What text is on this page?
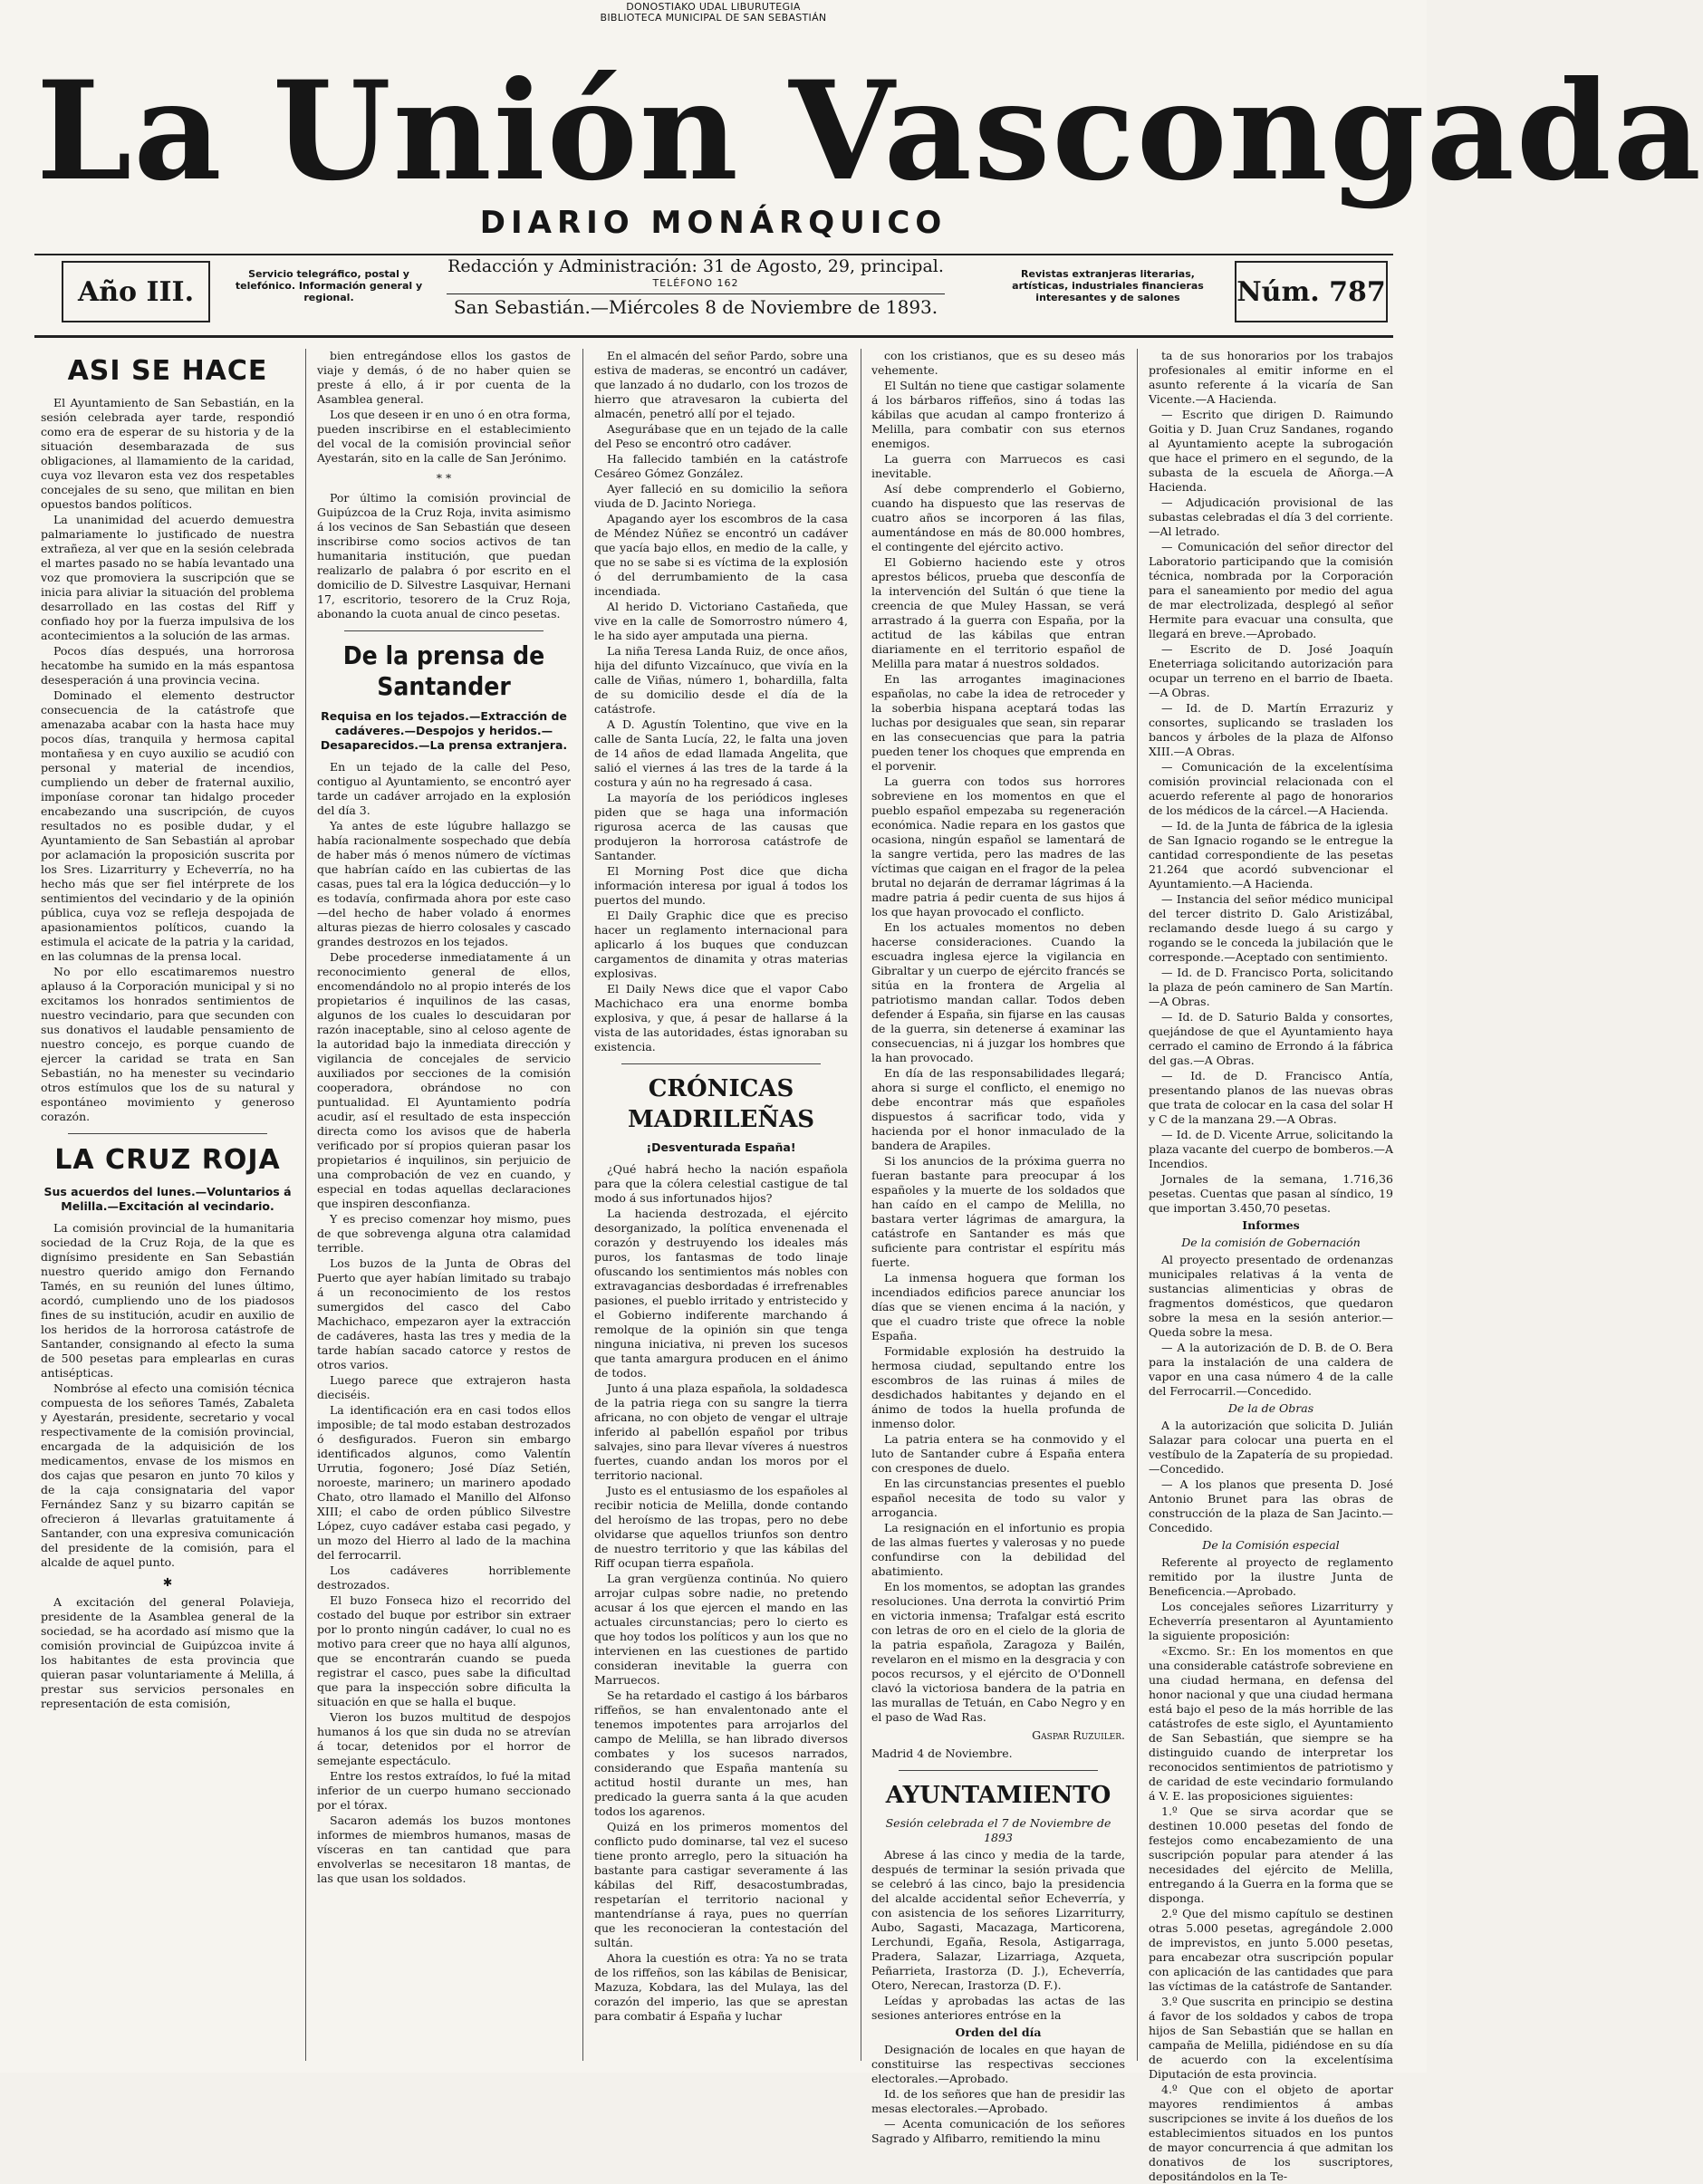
DONOSTIAKO UDAL LIBURUTEGIA
BIBLIOTECA MUNICIPAL DE SAN SEBASTIÁN
La Unión Vascongada
DIARIO MONÁRQUICO
Año III.
Servicio telegráfico, postal y telefónico. Información general y regional.
Redacción y Administración: 31 de Agosto, 29, principal.
TELÉFONO 162
San Sebastián.—Miércoles 8 de Noviembre de 1893.
Revistas extranjeras literarias, artísticas, industriales financieras interesantes y de salones	Núm. 787
ASI SE HACE

El Ayuntamiento de San Sebastián, en la sesión celebrada ayer tarde, respondió como era de esperar de su historia y de la situación desembarazada de sus obligaciones, al llamamiento de la caridad, cuya voz llevaron esta vez dos respetables concejales de su seno, que militan en bien opuestos bandos políticos.

La unanimidad del acuerdo demuestra palmariamente lo justificado de nuestra extrañeza, al ver que en la sesión celebrada el martes pasado no se había levantado una voz que promoviera la suscripción que se inicia para aliviar la situación del problema desarrollado en las costas del Riff y confiado hoy por la fuerza impulsiva de los acontecimientos a la solución de las armas.

Pocos días después, una horrorosa hecatombe ha sumido en la más espantosa desesperación á una provincia vecina.

Dominado el elemento destructor consecuencia de la catástrofe que amenazaba acabar con la hasta hace muy pocos días, tranquila y hermosa capital montañesa y en cuyo auxilio se acudió con personal y material de incendios, cumpliendo un deber de fraternal auxilio, imponíase coronar tan hidalgo proceder encabezando una suscripción, de cuyos resultados no es posible dudar, y el Ayuntamiento de San Sebastián al aprobar por aclamación la proposición suscrita por los Sres. Lizarriturry y Echeverría, no ha hecho más que ser fiel intérprete de los sentimientos del vecindario y de la opinión pública, cuya voz se refleja despojada de apasionamientos políticos, cuando la estimula el acicate de la patria y la caridad, en las columnas de la prensa local.

No por ello escatimaremos nuestro aplauso á la Corporación municipal y si no excitamos los honrados sentimientos de nuestro vecindario, para que secunden con sus donativos el laudable pensamiento de nuestro concejo, es porque cuando de ejercer la caridad se trata en San Sebastián, no ha menester su vecindario otros estímulos que los de su natural y espontáneo movimiento y generoso corazón.

LA CRUZ ROJA
Sus acuerdos del lunes.—Voluntarios á Melilla.—Excitación al vecindario.

La comisión provincial de la humanitaria sociedad de la Cruz Roja, de la que es dignísimo presidente en San Sebastián nuestro querido amigo don Fernando Tamés, en su reunión del lunes último, acordó, cumpliendo uno de los piadosos fines de su institución, acudir en auxilio de los heridos de la horrorosa catástrofe de Santander, consignando al efecto la suma de 500 pesetas para emplearlas en curas antisépticas.

Nombróse al efecto una comisión técnica compuesta de los señores Tamés, Zabaleta y Ayestarán, presidente, secretario y vocal respectivamente de la comisión provincial, encargada de la adquisición de los medicamentos, envase de los mismos en dos cajas que pesaron en junto 70 kilos y de la caja consignataria del vapor Fernández Sanz y su bizarro capitán se ofrecieron á llevarlas gratuitamente á Santander, con una expresiva comunicación del presidente de la comisión, para el alcalde de aquel punto.

✱

A excitación del general Polavieja, presidente de la Asamblea general de la sociedad, se ha acordado así mismo que la comisión provincial de Guipúzcoa invite á los habitantes de esta provincia que quieran pasar voluntariamente á Melilla, á prestar sus servicios personales en representación de esta comisión,

bien entregándose ellos los gastos de viaje y demás, ó de no haber quien se preste á ello, á ir por cuenta de la Asamblea general.

Los que deseen ir en uno ó en otra forma, pueden inscribirse en el establecimiento del vocal de la comisión provincial señor Ayestarán, sito en la calle de San Jerónimo.

* *

Por último la comisión provincial de Guipúzcoa de la Cruz Roja, invita asimismo á los vecinos de San Sebastián que deseen inscribirse como socios activos de tan humanitaria institución, que puedan realizarlo de palabra ó por escrito en el domicilio de D. Silvestre Lasquivar, Hernani 17, escritorio, tesorero de la Cruz Roja, abonando la cuota anual de cinco pesetas.

De la prensa de Santander
Requisa en los tejados.—Extracción de cadáveres.—Despojos y heridos.—Desaparecidos.—La prensa extranjera.

En un tejado de la calle del Peso, contiguo al Ayuntamiento, se encontró ayer tarde un cadáver arrojado en la explosión del día 3.

Ya antes de este lúgubre hallazgo se había racionalmente sospechado que debía de haber más ó menos número de víctimas que habrían caído en las cubiertas de las casas, pues tal era la lógica deducción—y lo es todavía, confirmada ahora por este caso—del hecho de haber volado á enormes alturas piezas de hierro colosales y cascado grandes destrozos en los tejados.

Debe procederse inmediatamente á un reconocimiento general de ellos, encomendándolo no al propio interés de los propietarios é inquilinos de las casas, algunos de los cuales lo descuidaran por razón inaceptable, sino al celoso agente de la autoridad bajo la inmediata dirección y vigilancia de concejales de servicio auxiliados por secciones de la comisión cooperadora, obrándose no con puntualidad. El Ayuntamiento podría acudir, así el resultado de esta inspección directa como los avisos que de haberla verificado por sí propios quieran pasar los propietarios é inquilinos, sin perjuicio de una comprobación de vez en cuando, y especial en todas aquellas declaraciones que inspiren desconfianza.

Y es preciso comenzar hoy mismo, pues de que sobrevenga alguna otra calamidad terrible.

Los buzos de la Junta de Obras del Puerto que ayer habían limitado su trabajo á un reconocimiento de los restos sumergidos del casco del Cabo Machichaco, empezaron ayer la extracción de cadáveres, hasta las tres y media de la tarde habían sacado catorce y restos de otros varios.

Luego parece que extrajeron hasta dieciséis.

La identificación era en casi todos ellos imposible; de tal modo estaban destrozados ó desfigurados. Fueron sin embargo identificados algunos, como Valentín Urrutia, fogonero; José Díaz Setién, noroeste, marinero; un marinero apodado Chato, otro llamado el Manillo del Alfonso XIII; el cabo de orden público Silvestre López, cuyo cadáver estaba casi pegado, y un mozo del Hierro al lado de la machina del ferrocarril.

Los cadáveres horriblemente destrozados.

El buzo Fonseca hizo el recorrido del costado del buque por estribor sin extraer por lo pronto ningún cadáver, lo cual no es motivo para creer que no haya allí algunos, que se encontrarán cuando se pueda registrar el casco, pues sabe la dificultad que para la inspección sobre dificulta la situación en que se halla el buque.

Vieron los buzos multitud de despojos humanos á los que sin duda no se atrevían á tocar, detenidos por el horror de semejante espectáculo.

Entre los restos extraídos, lo fué la mitad inferior de un cuerpo humano seccionado por el tórax.

Sacaron además los buzos montones informes de miembros humanos, masas de vísceras en tan cantidad que para envolverlas se necesitaron 18 mantas, de las que usan los soldados.

En el almacén del señor Pardo, sobre una estiva de maderas, se encontró un cadáver, que lanzado á no dudarlo, con los trozos de hierro que atravesaron la cubierta del almacén, penetró allí por el tejado.

Asegurábase que en un tejado de la calle del Peso se encontró otro cadáver.

Ha fallecido también en la catástrofe Cesáreo Gómez González.

Ayer falleció en su domicilio la señora viuda de D. Jacinto Noriega.

Apagando ayer los escombros de la casa de Méndez Núñez se encontró un cadáver que yacía bajo ellos, en medio de la calle, y que no se sabe si es víctima de la explosión ó del derrumbamiento de la casa incendiada.

Al herido D. Victoriano Castañeda, que vive en la calle de Somorrostro número 4, le ha sido ayer amputada una pierna.

La niña Teresa Landa Ruiz, de once años, hija del difunto Vizcaínuco, que vivía en la calle de Viñas, número 1, bohardilla, falta de su domicilio desde el día de la catástrofe.

A D. Agustín Tolentino, que vive en la calle de Santa Lucía, 22, le falta una joven de 14 años de edad llamada Angelita, que salió el viernes á las tres de la tarde á la costura y aún no ha regresado á casa.

La mayoría de los periódicos ingleses piden que se haga una información rigurosa acerca de las causas que produjeron la horrorosa catástrofe de Santander.

El Morning Post dice que dicha información interesa por igual á todos los puertos del mundo.

El Daily Graphic dice que es preciso hacer un reglamento internacional para aplicarlo á los buques que conduzcan cargamentos de dinamita y otras materias explosivas.

El Daily News dice que el vapor Cabo Machichaco era una enorme bomba explosiva, y que, á pesar de hallarse á la vista de las autoridades, éstas ignoraban su existencia.

CRÓNICAS MADRILEÑAS
¡Desventurada España!

¿Qué habrá hecho la nación española para que la cólera celestial castigue de tal modo á sus infortunados hijos?

La hacienda destrozada, el ejército desorganizado, la política envenenada el corazón y destruyendo los ideales más puros, los fantasmas de todo linaje ofuscando los sentimientos más nobles con extravagancias desbordadas é irrefrenables pasiones, el pueblo irritado y entristecido y el Gobierno indiferente marchando á remolque de la opinión sin que tenga ninguna iniciativa, ni preven los sucesos que tanta amargura producen en el ánimo de todos.

Junto á una plaza española, la soldadesca de la patria riega con su sangre la tierra africana, no con objeto de vengar el ultraje inferido al pabellón español por tribus salvajes, sino para llevar víveres á nuestros fuertes, cuando andan los moros por el territorio nacional.

Justo es el entusiasmo de los españoles al recibir noticia de Melilla, donde contando del heroísmo de las tropas, pero no debe olvidarse que aquellos triunfos son dentro de nuestro territorio y que las kábilas del Riff ocupan tierra española.

La gran vergüenza continúa. No quiero arrojar culpas sobre nadie, no pretendo acusar á los que ejercen el mando en las actuales circunstancias; pero lo cierto es que hoy todos los políticos y aun los que no intervienen en las cuestiones de partido consideran inevitable la guerra con Marruecos.

Se ha retardado el castigo á los bárbaros riffeños, se han envalentonado ante el tenemos impotentes para arrojarlos del campo de Melilla, se han librado diversos combates y los sucesos narrados, considerando que España mantenía su actitud hostil durante un mes, han predicado la guerra santa á la que acuden todos los agarenos.

Quizá en los primeros momentos del conflicto pudo dominarse, tal vez el suceso tiene pronto arreglo, pero la situación ha bastante para castigar severamente á las kábilas del Riff, desacostumbradas, respetarían el territorio nacional y mantendríanse á raya, pues no querrían que les reconocieran la contestación del sultán.

Ahora la cuestión es otra: Ya no se trata de los riffeños, son las kábilas de Benisicar, Mazuza, Kobdara, las del Mulaya, las del corazón del imperio, las que se aprestan para combatir á España y luchar

con los cristianos, que es su deseo más vehemente.

El Sultán no tiene que castigar solamente á los bárbaros riffeños, sino á todas las kábilas que acudan al campo fronterizo á Melilla, para combatir con sus eternos enemigos.

La guerra con Marruecos es casi inevitable.

Así debe comprenderlo el Gobierno, cuando ha dispuesto que las reservas de cuatro años se incorporen á las filas, aumentándose en más de 80.000 hombres, el contingente del ejército activo.

El Gobierno haciendo este y otros aprestos bélicos, prueba que desconfía de la intervención del Sultán ó que tiene la creencia de que Muley Hassan, se verá arrastrado á la guerra con España, por la actitud de las kábilas que entran diariamente en el territorio español de Melilla para matar á nuestros soldados.

En las arrogantes imaginaciones españolas, no cabe la idea de retroceder y la soberbia hispana aceptará todas las luchas por desiguales que sean, sin reparar en las consecuencias que para la patria pueden tener los choques que emprenda en el porvenir.

La guerra con todos sus horrores sobreviene en los momentos en que el pueblo español empezaba su regeneración económica. Nadie repara en los gastos que ocasiona, ningún español se lamentará de la sangre vertida, pero las madres de las víctimas que caigan en el fragor de la pelea brutal no dejarán de derramar lágrimas á la madre patria á pedir cuenta de sus hijos á los que hayan provocado el conflicto.

En los actuales momentos no deben hacerse consideraciones. Cuando la escuadra inglesa ejerce la vigilancia en Gibraltar y un cuerpo de ejército francés se sitúa en la frontera de Argelia al patriotismo mandan callar. Todos deben defender á España, sin fijarse en las causas de la guerra, sin detenerse á examinar las consecuencias, ni á juzgar los hombres que la han provocado.

En día de las responsabilidades llegará; ahora si surge el conflicto, el enemigo no debe encontrar más que españoles dispuestos á sacrificar todo, vida y hacienda por el honor inmaculado de la bandera de Arapiles.

Si los anuncios de la próxima guerra no fueran bastante para preocupar á los españoles y la muerte de los soldados que han caído en el campo de Melilla, no bastara verter lágrimas de amargura, la catástrofe en Santander es más que suficiente para contristar el espíritu más fuerte.

La inmensa hoguera que forman los incendiados edificios parece anunciar los días que se vienen encima á la nación, y que el cuadro triste que ofrece la noble España.

Formidable explosión ha destruido la hermosa ciudad, sepultando entre los escombros de las ruinas á miles de desdichados habitantes y dejando en el ánimo de todos la huella profunda de inmenso dolor.

La patria entera se ha conmovido y el luto de Santander cubre á España entera con crespones de duelo.

En las circunstancias presentes el pueblo español necesita de todo su valor y arrogancia.

La resignación en el infortunio es propia de las almas fuertes y valerosas y no puede confundirse con la debilidad del abatimiento.

En los momentos, se adoptan las grandes resoluciones. Una derrota la convirtió Prim en victoria inmensa; Trafalgar está escrito con letras de oro en el cielo de la gloria de la patria española, Zaragoza y Bailén, revelaron en el mismo en la desgracia y con pocos recursos, y el ejército de O'Donnell clavó la victoriosa bandera de la patria en las murallas de Tetuán, en Cabo Negro y en el paso de Wad Ras.

Gaspar Ruzuiler.
Madrid 4 de Noviembre.
AYUNTAMIENTO
Sesión celebrada el 7 de Noviembre de 1893

Abrese á las cinco y media de la tarde, después de terminar la sesión privada que se celebró á las cinco, bajo la presidencia del alcalde accidental señor Echeverría, y con asistencia de los señores Lizarriturry, Aubo, Sagasti, Macazaga, Marticorena, Lerchundi, Egaña, Resola, Astigarraga, Pradera, Salazar, Lizarriaga, Azqueta, Peñarrieta, Irastorza (D. J.), Echeverría, Otero, Nerecan, Irastorza (D. F.).

Leídas y aprobadas las actas de las sesiones anteriores entróse en la

Orden del día

Designación de locales en que hayan de constituirse las respectivas secciones electorales.—Aprobado.

Id. de los señores que han de presidir las mesas electorales.—Aprobado.

— Acenta comunicación de los señores Sagrado y Alfibarro, remitiendo la minu

ta de sus honorarios por los trabajos profesionales al emitir informe en el asunto referente á la vicaría de San Vicente.—A Hacienda.

— Escrito que dirigen D. Raimundo Goitia y D. Juan Cruz Sandanes, rogando al Ayuntamiento acepte la subrogación que hace el primero en el segundo, de la subasta de la escuela de Añorga.—A Hacienda.

— Adjudicación provisional de las subastas celebradas el día 3 del corriente.—Al letrado.

— Comunicación del señor director del Laboratorio participando que la comisión técnica, nombrada por la Corporación para el saneamiento por medio del agua de mar electrolizada, desplegó al señor Hermite para evacuar una consulta, que llegará en breve.—Aprobado.

— Escrito de D. José Joaquín Eneterriaga solicitando autorización para ocupar un terreno en el barrio de Ibaeta.—A Obras.

— Id. de D. Martín Errazuriz y consortes, suplicando se trasladen los bancos y árboles de la plaza de Alfonso XIII.—A Obras.

— Comunicación de la excelentísima comisión provincial relacionada con el acuerdo referente al pago de honorarios de los médicos de la cárcel.—A Hacienda.

— Id. de la Junta de fábrica de la iglesia de San Ignacio rogando se le entregue la cantidad correspondiente de las pesetas 21.264 que acordó subvencionar el Ayuntamiento.—A Hacienda.

— Instancia del señor médico municipal del tercer distrito D. Galo Aristizábal, reclamando desde luego á su cargo y rogando se le conceda la jubilación que le corresponde.—Aceptado con sentimiento.

— Id. de D. Francisco Porta, solicitando la plaza de peón caminero de San Martín.—A Obras.

— Id. de D. Saturio Balda y consortes, quejándose de que el Ayuntamiento haya cerrado el camino de Errondo á la fábrica del gas.—A Obras.

— Id. de D. Francisco Antía, presentando planos de las nuevas obras que trata de colocar en la casa del solar H y C de la manzana 29.—A Obras.

— Id. de D. Vicente Arrue, solicitando la plaza vacante del cuerpo de bomberos.—A Incendios.

Jornales de la semana, 1.716,36 pesetas. Cuentas que pasan al síndico, 19 que importan 3.450,70 pesetas.

Informes
De la comisión de Gobernación

Al proyecto presentado de ordenanzas municipales relativas á la venta de sustancias alimenticias y obras de fragmentos domésticos, que quedaron sobre la mesa en la sesión anterior.—Queda sobre la mesa.

— A la autorización de D. B. de O. Bera para la instalación de una caldera de vapor en una casa número 4 de la calle del Ferrocarril.—Concedido.

De la de Obras

A la autorización que solicita D. Julián Salazar para colocar una puerta en el vestíbulo de la Zapatería de su propiedad.—Concedido.

— A los planos que presenta D. José Antonio Brunet para las obras de construcción de la plaza de San Jacinto.—Concedido.

De la Comisión especial

Referente al proyecto de reglamento remitido por la ilustre Junta de Beneficencia.—Aprobado.

Los concejales señores Lizarriturry y Echeverría presentaron al Ayuntamiento la siguiente proposición:

«Excmo. Sr.: En los momentos en que una considerable catástrofe sobreviene en una ciudad hermana, en defensa del honor nacional y que una ciudad hermana está bajo el peso de la más horrible de las catástrofes de este siglo, el Ayuntamiento de San Sebastián, que siempre se ha distinguido cuando de interpretar los reconocidos sentimientos de patriotismo y de caridad de este vecindario formulando á V. E. las proposiciones siguientes:

1.º Que se sirva acordar que se destinen 10.000 pesetas del fondo de festejos como encabezamiento de una suscripción popular para atender á las necesidades del ejército de Melilla, entregando á la Guerra en la forma que se disponga.

2.º Que del mismo capítulo se destinen otras 5.000 pesetas, agregándole 2.000 de imprevistos, en junto 5.000 pesetas, para encabezar otra suscripción popular con aplicación de las cantidades que para las víctimas de la catástrofe de Santander.

3.º Que suscrita en principio se destina á favor de los soldados y cabos de tropa hijos de San Sebastián que se hallan en campaña de Melilla, pidiéndose en su día de acuerdo con la excelentísima Diputación de esta provincia.

4.º Que con el objeto de aportar mayores rendimientos á ambas suscripciones se invite á los dueños de los establecimientos situados en los puntos de mayor concurrencia á que admitan los donativos de los suscriptores, depositándolos en la Te-
